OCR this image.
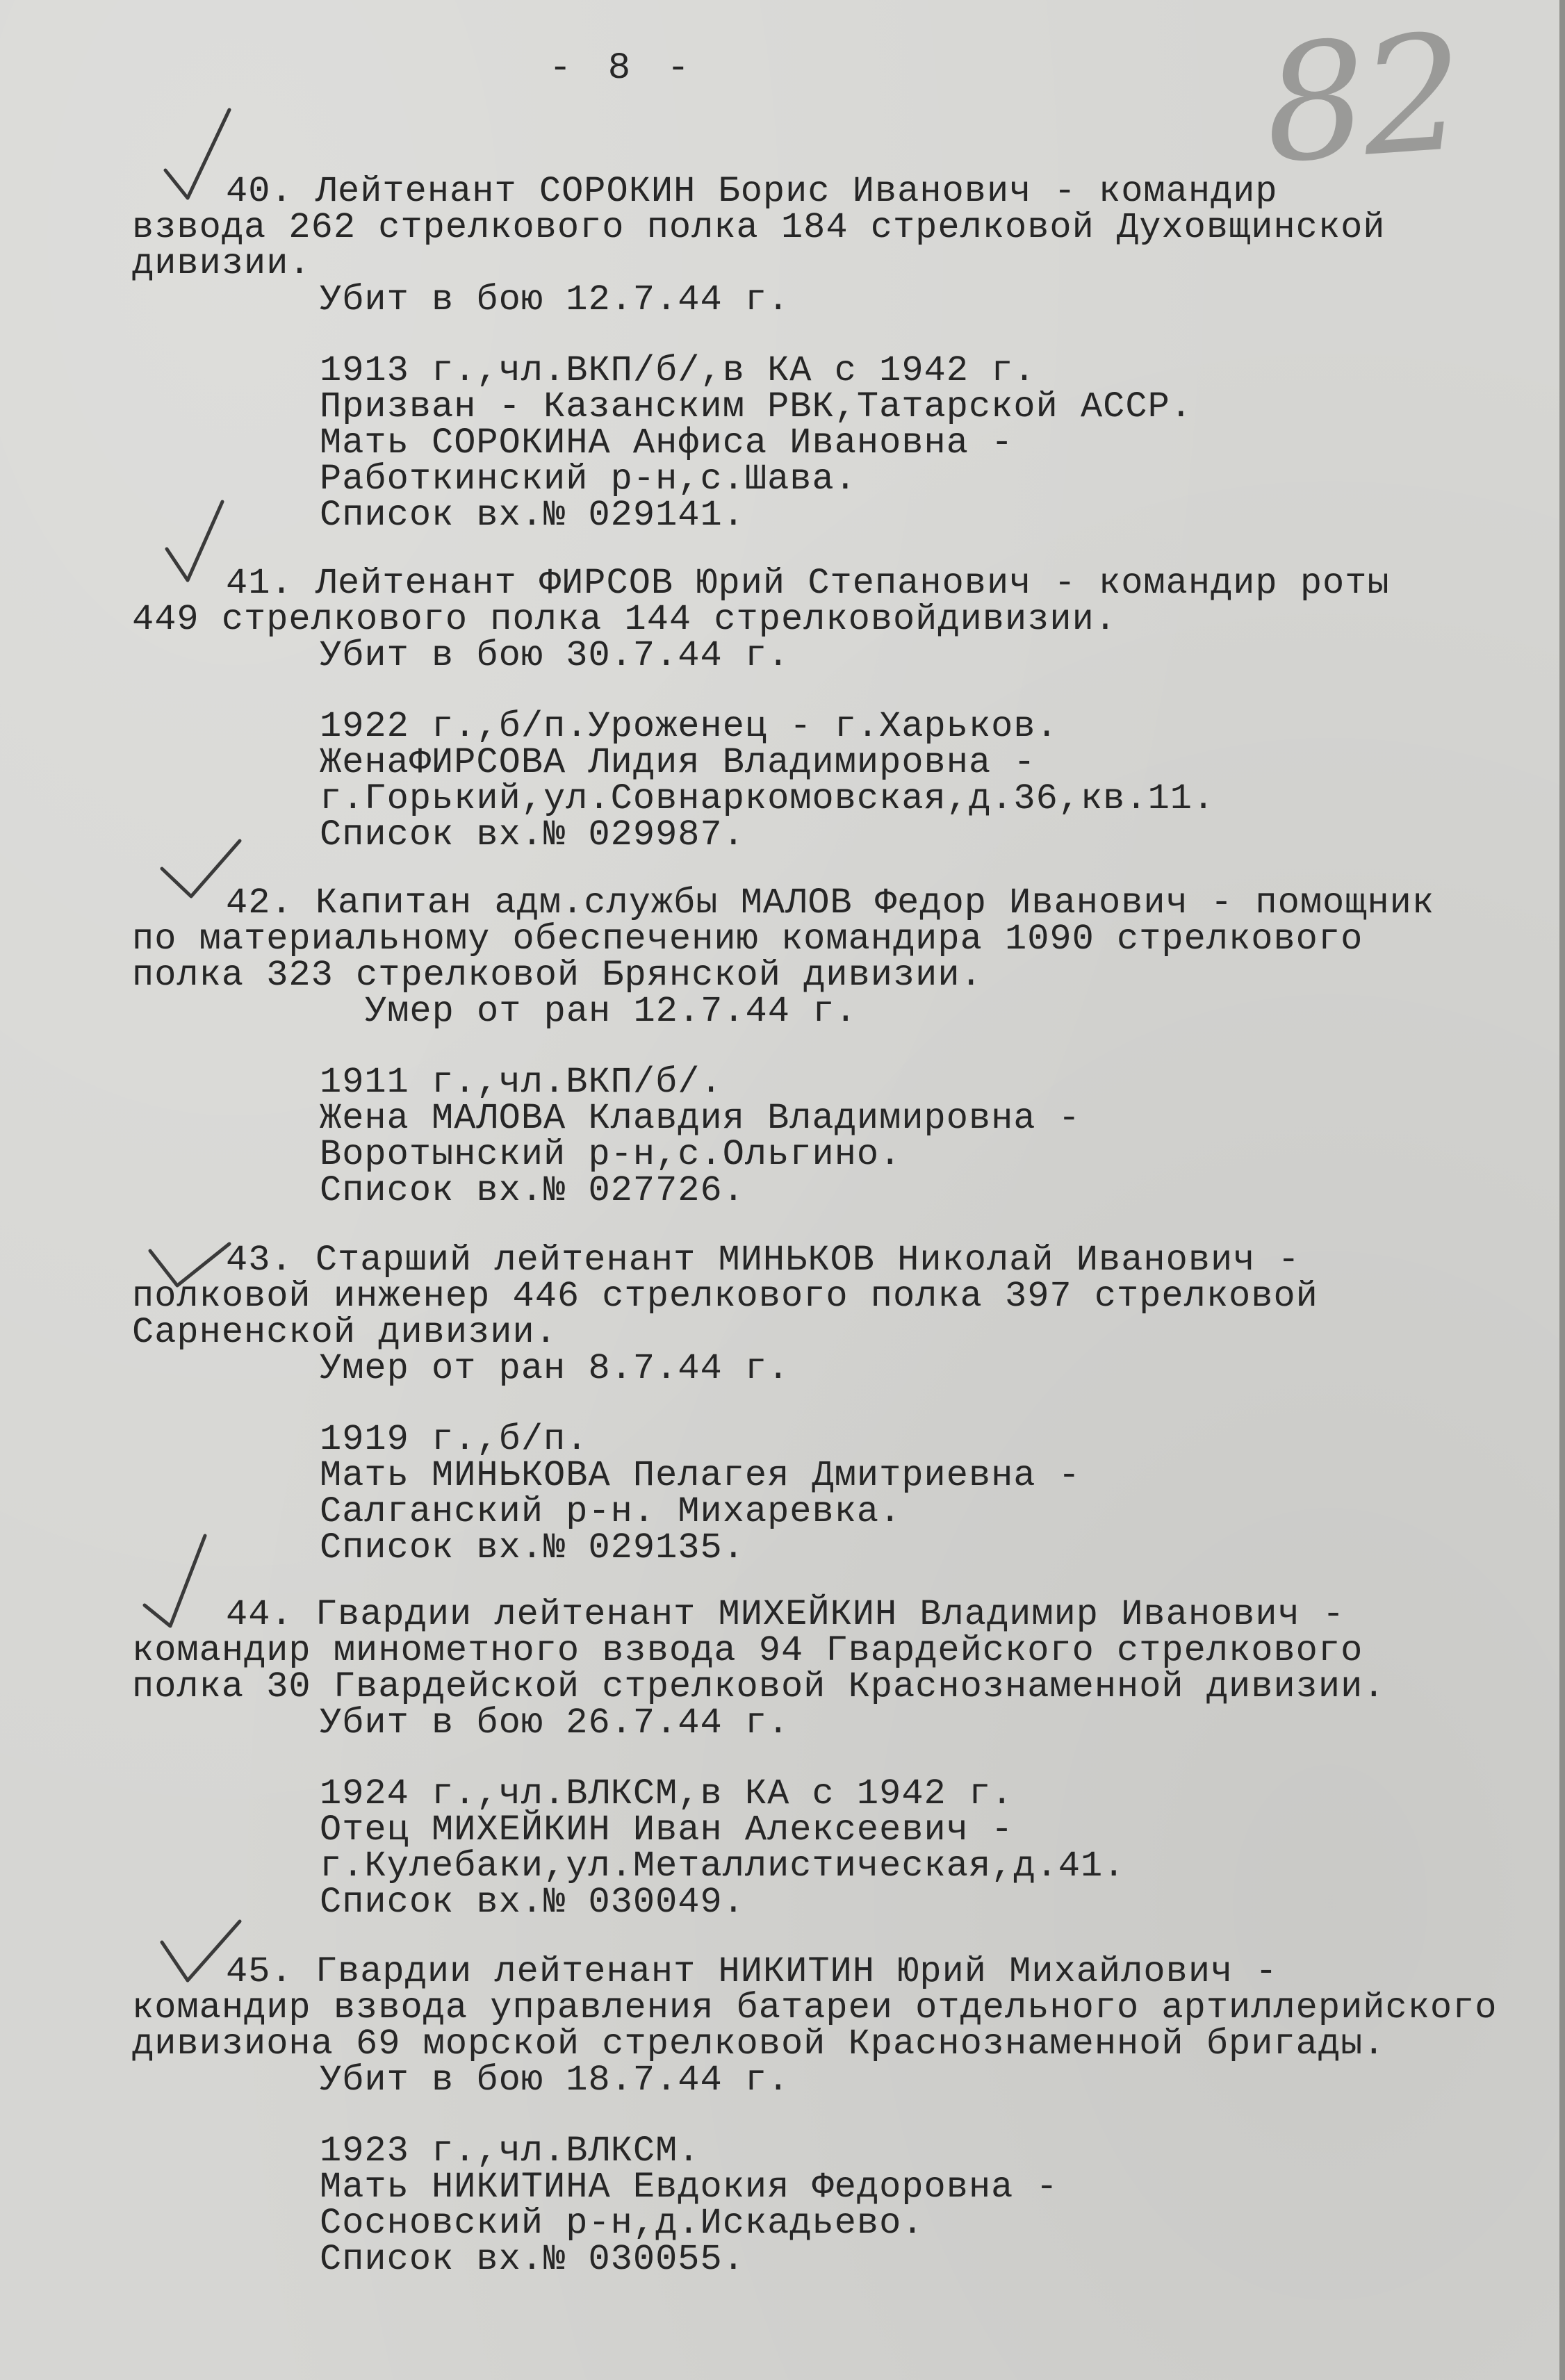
- 8 -	82
40. Лейтенант СОРОКИН Борис Иванович - командир
взвода 262 стрелкового полка 184 стрелковой Духовщинской
дивизии.
Убит в бою 12.7.44 г.
1913 г.,чл.ВКП/б/,в КА с 1942 г.
Призван - Казанским РВК,Татарской АССР.
Мать СОРОКИНА Анфиса Ивановна -
Работкинский р-н,с.Шава.
Список вх.№ 029141.
41. Лейтенант ФИРСОВ Юрий Степанович - командир роты
449 стрелкового полка 144 стрелковойдивизии.
Убит в бою 30.7.44 г.
1922 г.,б/п.Уроженец - г.Харьков.
ЖенаФИРСОВА Лидия Владимировна -
г.Горький,ул.Совнаркомовская,д.36,кв.11.
Список вх.№ 029987.
42. Капитан адм.службы МАЛОВ Федор Иванович - помощник
по материальному обеспечению командира 1090 стрелкового
полка 323 стрелковой Брянской дивизии.
Умер от ран 12.7.44 г.
1911 г.,чл.ВКП/б/.
Жена МАЛОВА Клавдия Владимировна -
Воротынский р-н,с.Ольгино.
Список вх.№ 027726.
43. Старший лейтенант МИНЬКОВ Николай Иванович -
полковой инженер 446 стрелкового полка 397 стрелковой
Сарненской дивизии.
Умер от ран 8.7.44 г.
1919 г.,б/п.
Мать МИНЬКОВА Пелагея Дмитриевна -
Салганский р-н. Михаревка.
Список вх.№ 029135.
44. Гвардии лейтенант МИХЕЙКИН Владимир Иванович -
командир минометного взвода 94 Гвардейского стрелкового
полка 30 Гвардейской стрелковой Краснознаменной дивизии.
Убит в бою 26.7.44 г.
1924 г.,чл.ВЛКСМ,в КА с 1942 г.
Отец МИХЕЙКИН Иван Алексеевич -
г.Кулебаки,ул.Металлистическая,д.41.
Список вх.№ 030049.
45. Гвардии лейтенант НИКИТИН Юрий Михайлович -
командир взвода управления батареи отдельного артиллерийского
дивизиона 69 морской стрелковой Краснознаменной бригады.
Убит в бою 18.7.44 г.
1923 г.,чл.ВЛКСМ.
Мать НИКИТИНА Евдокия Федоровна -
Сосновский р-н,д.Искадьево.
Список вх.№ 030055.
